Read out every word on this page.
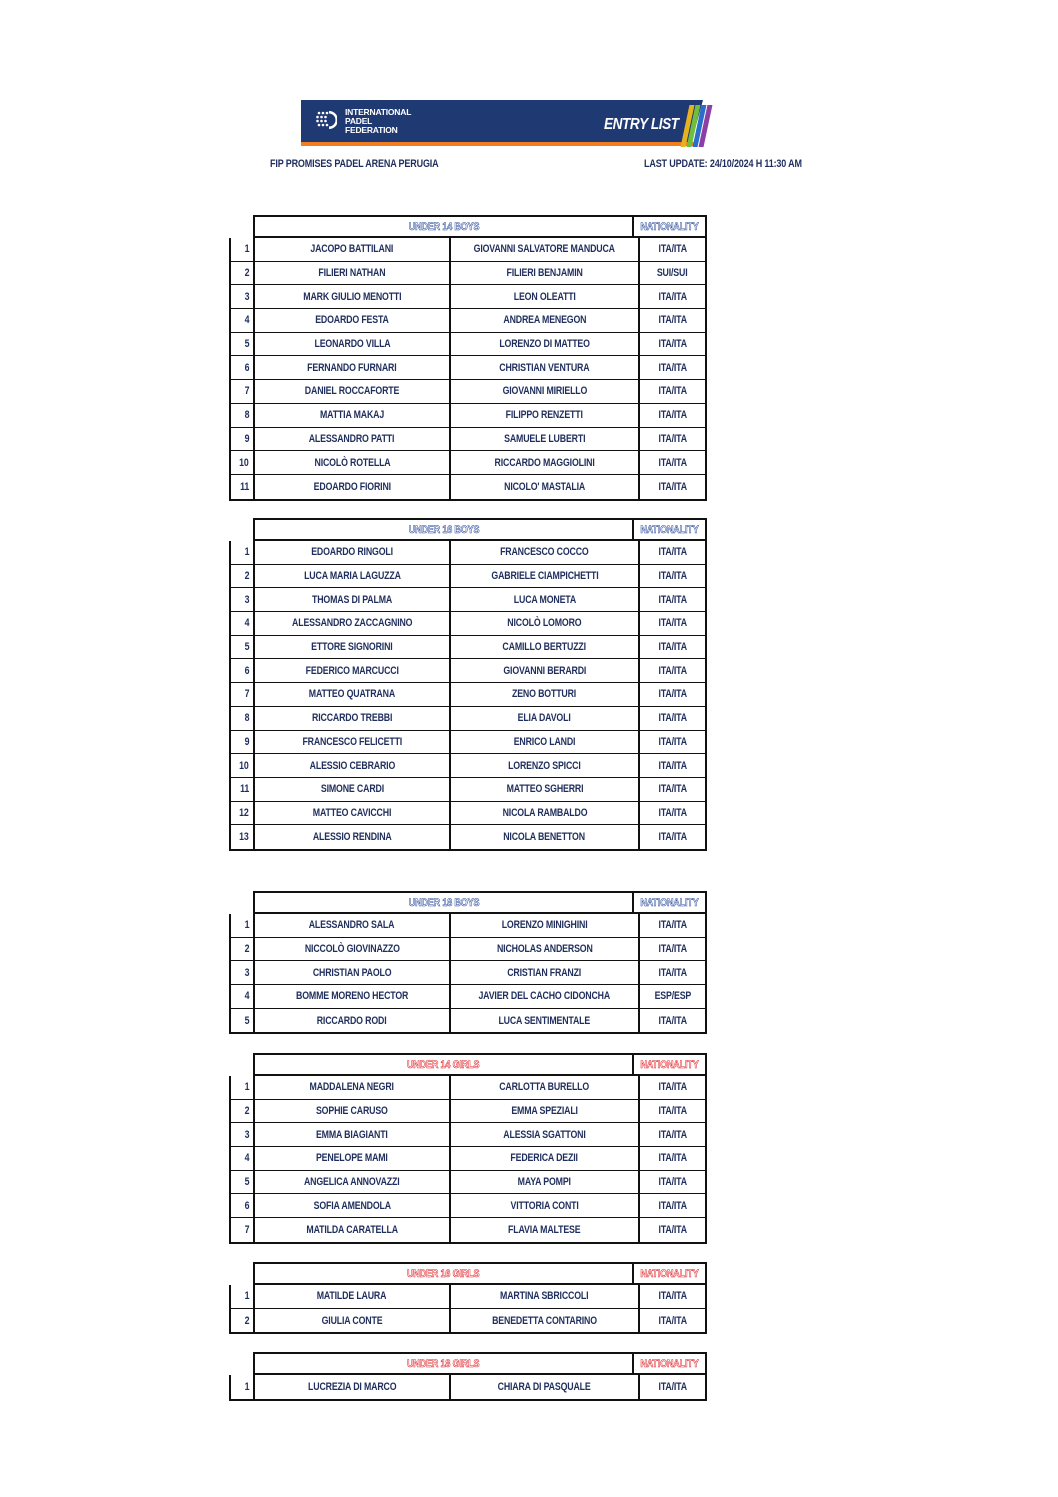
INTERNATIONAL
PADEL
FEDERATION	ENTRY LIST
FIP PROMISES PADEL ARENA PERUGIA	LAST UPDATE: 24/10/2024 H 11:30 AM
UNDER 14 BOYS	NATIONALITY
1	JACOPO BATTILANI	GIOVANNI SALVATORE MANDUCA	ITA/ITA
2	FILIERI NATHAN	FILIERI BENJAMIN	SUI/SUI
3	MARK GIULIO MENOTTI	LEON OLEATTI	ITA/ITA
4	EDOARDO FESTA	ANDREA MENEGON	ITA/ITA
5	LEONARDO VILLA	LORENZO DI MATTEO	ITA/ITA
6	FERNANDO FURNARI	CHRISTIAN VENTURA	ITA/ITA
7	DANIEL ROCCAFORTE	GIOVANNI MIRIELLO	ITA/ITA
8	MATTIA MAKAJ	FILIPPO RENZETTI	ITA/ITA
9	ALESSANDRO PATTI	SAMUELE LUBERTI	ITA/ITA
10	NICOLÒ ROTELLA	RICCARDO MAGGIOLINI	ITA/ITA
11	EDOARDO FIORINI	NICOLO' MASTALIA	ITA/ITA
UNDER 16 BOYS	NATIONALITY
1	EDOARDO RINGOLI	FRANCESCO COCCO	ITA/ITA
2	LUCA MARIA LAGUZZA	GABRIELE CIAMPICHETTI	ITA/ITA
3	THOMAS DI PALMA	LUCA MONETA	ITA/ITA
4	ALESSANDRO ZACCAGNINO	NICOLÒ LOMORO	ITA/ITA
5	ETTORE SIGNORINI	CAMILLO BERTUZZI	ITA/ITA
6	FEDERICO MARCUCCI	GIOVANNI BERARDI	ITA/ITA
7	MATTEO QUATRANA	ZENO BOTTURI	ITA/ITA
8	RICCARDO TREBBI	ELIA DAVOLI	ITA/ITA
9	FRANCESCO FELICETTI	ENRICO LANDI	ITA/ITA
10	ALESSIO CEBRARIO	LORENZO SPICCI	ITA/ITA
11	SIMONE CARDI	MATTEO SGHERRI	ITA/ITA
12	MATTEO CAVICCHI	NICOLA RAMBALDO	ITA/ITA
13	ALESSIO RENDINA	NICOLA BENETTON	ITA/ITA
UNDER 18 BOYS	NATIONALITY
1	ALESSANDRO SALA	LORENZO MINIGHINI	ITA/ITA
2	NICCOLÒ GIOVINAZZO	NICHOLAS ANDERSON	ITA/ITA
3	CHRISTIAN PAOLO	CRISTIAN FRANZI	ITA/ITA
4	BOMME MORENO HECTOR	JAVIER DEL CACHO CIDONCHA	ESP/ESP
5	RICCARDO RODI	LUCA SENTIMENTALE	ITA/ITA
UNDER 14 GIRLS	NATIONALITY
1	MADDALENA NEGRI	CARLOTTA BURELLO	ITA/ITA
2	SOPHIE CARUSO	EMMA SPEZIALI	ITA/ITA
3	EMMA BIAGIANTI	ALESSIA SGATTONI	ITA/ITA
4	PENELOPE MAMI	FEDERICA DEZII	ITA/ITA
5	ANGELICA ANNOVAZZI	MAYA POMPI	ITA/ITA
6	SOFIA AMENDOLA	VITTORIA CONTI	ITA/ITA
7	MATILDA CARATELLA	FLAVIA MALTESE	ITA/ITA
UNDER 16 GIRLS	NATIONALITY
1	MATILDE LAURA	MARTINA SBRICCOLI	ITA/ITA
2	GIULIA CONTE	BENEDETTA CONTARINO	ITA/ITA
UNDER 18 GIRLS	NATIONALITY
1	LUCREZIA DI MARCO	CHIARA DI PASQUALE	ITA/ITA
